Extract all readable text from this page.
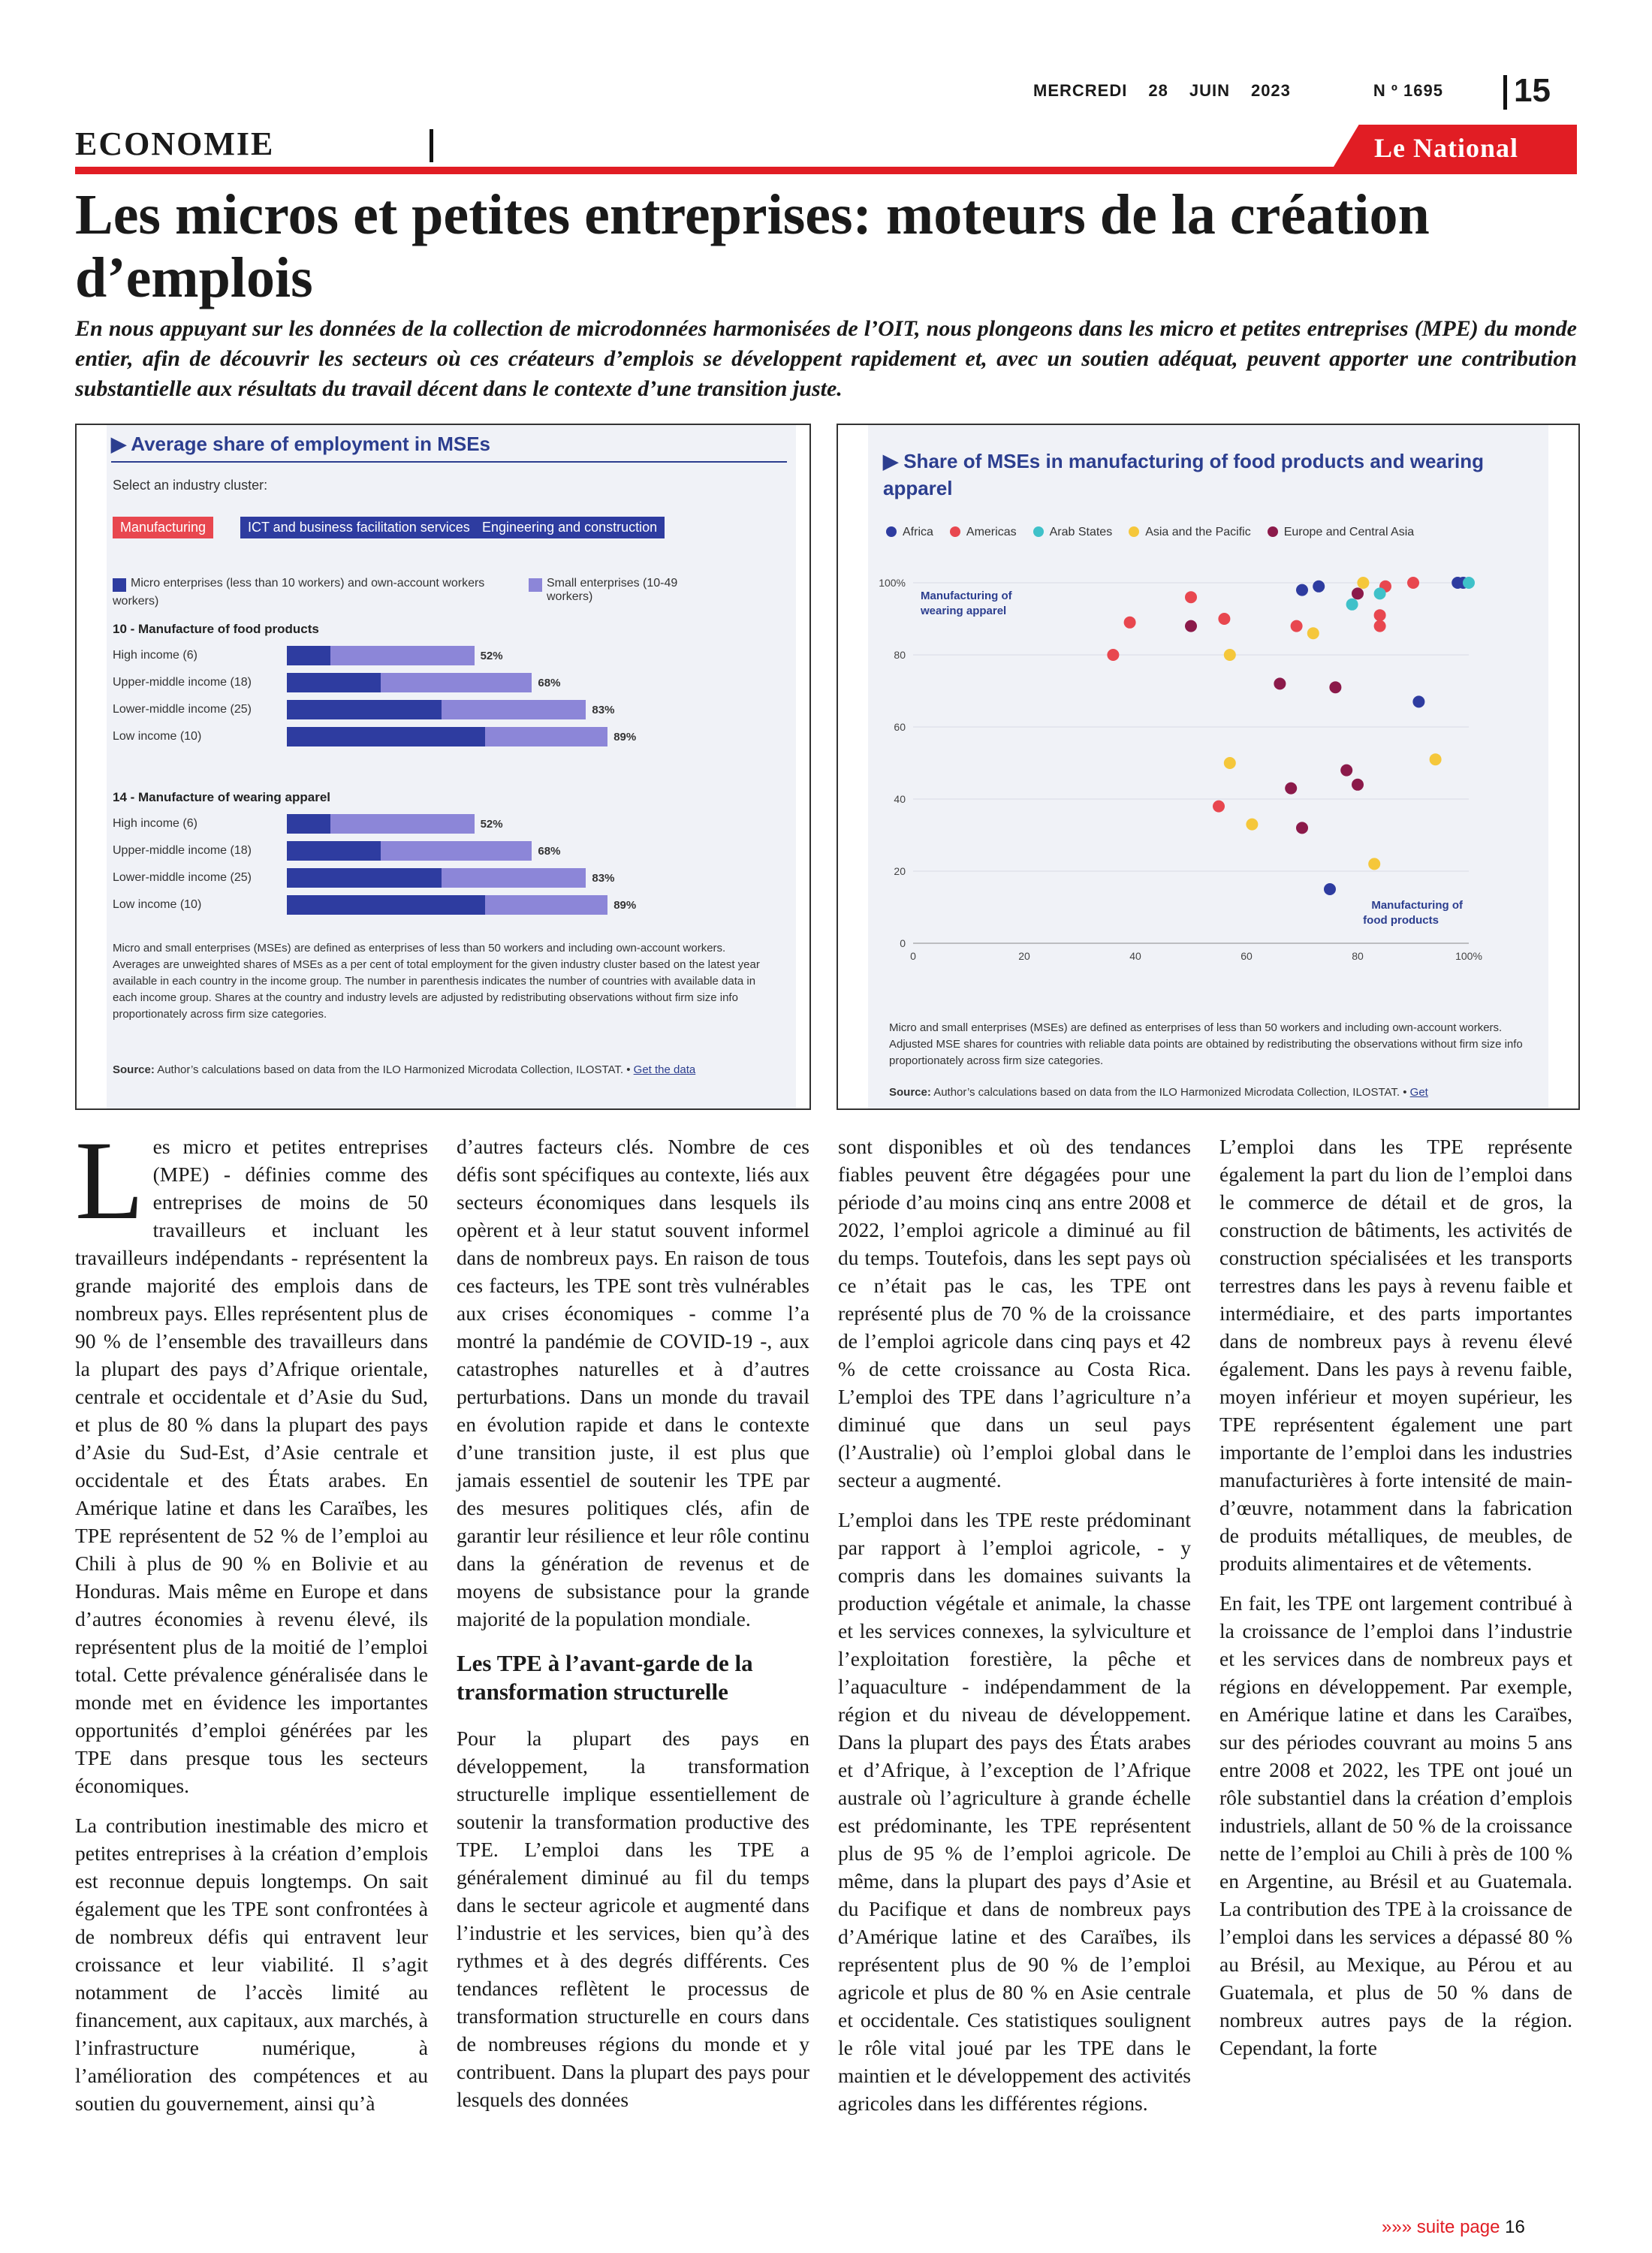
MERCREDI 28 JUIN 2023	N º 1695	15
ECONOMIE	Le National
Les micros et petites entreprises: moteurs de la création d’emplois
En nous appuyant sur les données de la collection de microdonnées harmonisées de l’OIT, nous plongeons dans les micro et petites entreprises (MPE) du monde entier, afin de découvrir les secteurs où ces créateurs d’emplois se développent rapidement et, avec un soutien adéquat, peuvent apporter une contribution substantielle aux résultats du travail décent dans le contexte d’une transition juste.
▶ Average share of employment in MSEs
Select an industry cluster:
Manufacturing	ICT and business facilitation services Engineering and construction
Micro enterprises (less than 10 workers) and own-account workers	Small enterprises (10-49 workers)
workers)
10 - Manufacture of food products
High income (6)	52%
Upper-middle income (18)	68%
Lower-middle income (25)	83%
Low income (10)	89%
14 - Manufacture of wearing apparel
High income (6)	52%
Upper-middle income (18)	68%
Lower-middle income (25)	83%
Low income (10)	89%
Micro and small enterprises (MSEs) are defined as enterprises of less than 50 workers and including own-account workers. Averages are unweighted shares of MSEs as a per cent of total employment for the given industry cluster based on the latest year available in each country in the income group. The number in parenthesis indicates the number of countries with available data in each income group. Shares at the country and industry levels are adjusted by redistributing observations without firm size info proportionately across firm size categories.
Source: Author’s calculations based on data from the ILO Harmonized Microdata Collection, ILOSTAT. • Get the data
▶ Share of MSEs in manufacturing of food products and wearing apparel
Africa	Americas	Arab States	Asia and the Pacific	Europe and Central Asia
0
0
20
20
40
40
60
60
80
80
100%
100%
Manufacturing of wearing apparel
Manufacturing of food products
Micro and small enterprises (MSEs) are defined as enterprises of less than 50 workers and including own-account workers. Adjusted MSE shares for countries with reliable data points are obtained by redistributing the observations without firm size info proportionately across firm size categories.
Source: Author’s calculations based on data from the ILO Harmonized Microdata Collection, ILOSTAT. • Get

Les micro et petites entreprises (MPE) - définies comme des entreprises de moins de 50 travailleurs et incluant les travailleurs indépendants - représentent la grande majorité des emplois dans de nombreux pays. Elles représentent plus de 90 % de l’ensemble des travailleurs dans la plupart des pays d’Afrique orientale, centrale et occidentale et d’Asie du Sud, et plus de 80 % dans la plupart des pays d’Asie du Sud-Est, d’Asie centrale et occidentale et des États arabes. En Amérique latine et dans les Caraïbes, les TPE représentent de 52 % de l’emploi au Chili à plus de 90 % en Bolivie et au Honduras. Mais même en Europe et dans d’autres économies à revenu élevé, ils représentent plus de la moitié de l’emploi total. Cette prévalence généralisée dans le monde met en évidence les importantes opportunités d’emploi générées par les TPE dans presque tous les secteurs économiques.

La contribution inestimable des micro et petites entreprises à la création d’emplois est reconnue depuis longtemps. On sait également que les TPE sont confrontées à de nombreux défis qui entravent leur croissance et leur viabilité. Il s’agit notamment de l’accès limité au financement, aux capitaux, aux marchés, à l’infrastructure numérique, à l’amélioration des compétences et au soutien du gouvernement, ainsi qu’à

d’autres facteurs clés. Nombre de ces défis sont spécifiques au contexte, liés aux secteurs économiques dans lesquels ils opèrent et à leur statut souvent informel dans de nombreux pays. En raison de tous ces facteurs, les TPE sont très vulnérables aux crises économiques - comme l’a montré la pandémie de COVID-19 -, aux catastrophes naturelles et à d’autres perturbations. Dans un monde du travail en évolution rapide et dans le contexte d’une transition juste, il est plus que jamais essentiel de soutenir les TPE par des mesures politiques clés, afin de garantir leur résilience et leur rôle continu dans la génération de revenus et de moyens de subsistance pour la grande majorité de la population mondiale.

Les TPE à l’avant-garde de la transformation structurelle

Pour la plupart des pays en développement, la transformation structurelle implique essentiellement de soutenir la transformation productive des TPE. L’emploi dans les TPE a généralement diminué au fil du temps dans le secteur agricole et augmenté dans l’industrie et les services, bien qu’à des rythmes et à des degrés différents. Ces tendances reflètent le processus de transformation structurelle en cours dans de nombreuses régions du monde et y contribuent. Dans la plupart des pays pour lesquels des données

sont disponibles et où des tendances fiables peuvent être dégagées pour une période d’au moins cinq ans entre 2008 et 2022, l’emploi agricole a diminué au fil du temps. Toutefois, dans les sept pays où ce n’était pas le cas, les TPE ont représenté plus de 70 % de la croissance de l’emploi agricole dans cinq pays et 42 % de cette croissance au Costa Rica. L’emploi des TPE dans l’agriculture n’a diminué que dans un seul pays (l’Australie) où l’emploi global dans le secteur a augmenté.

L’emploi dans les TPE reste prédominant par rapport à l’emploi agricole, - y compris dans les domaines suivants la production végétale et animale, la chasse et les services connexes, la sylviculture et l’exploitation forestière, la pêche et l’aquaculture - indépendamment de la région et du niveau de développement. Dans la plupart des pays des États arabes et d’Afrique, à l’exception de l’Afrique australe où l’agriculture à grande échelle est prédominante, les TPE représentent plus de 95 % de l’emploi agricole. De même, dans la plupart des pays d’Asie et du Pacifique et dans de nombreux pays d’Amérique latine et des Caraïbes, ils représentent plus de 90 % de l’emploi agricole et plus de 80 % en Asie centrale et occidentale. Ces statistiques soulignent le rôle vital joué par les TPE dans le maintien et le développement des activités agricoles dans les différentes régions.

L’emploi dans les TPE représente également la part du lion de l’emploi dans le commerce de détail et de gros, la construction de bâtiments, les activités de construction spécialisées et les transports terrestres dans les pays à revenu faible et intermédiaire, et des parts importantes dans de nombreux pays à revenu élevé également. Dans les pays à revenu faible, moyen inférieur et moyen supérieur, les TPE représentent également une part importante de l’emploi dans les industries manufacturières à forte intensité de main-d’œuvre, notamment dans la fabrication de produits métalliques, de meubles, de produits alimentaires et de vêtements.

En fait, les TPE ont largement contribué à la croissance de l’emploi dans l’industrie et les services dans de nombreux pays et régions en développement. Par exemple, en Amérique latine et dans les Caraïbes, sur des périodes couvrant au moins 5 ans entre 2008 et 2022, les TPE ont joué un rôle substantiel dans la création d’emplois industriels, allant de 50 % de la croissance nette de l’emploi au Chili à près de 100 % en Argentine, au Brésil et au Guatemala. La contribution des TPE à la croissance de l’emploi dans les services a dépassé 80 % au Brésil, au Mexique, au Pérou et au Guatemala, et plus de 50 % dans de nombreux autres pays de la région. Cependant, la forte

»»» suite page 16
